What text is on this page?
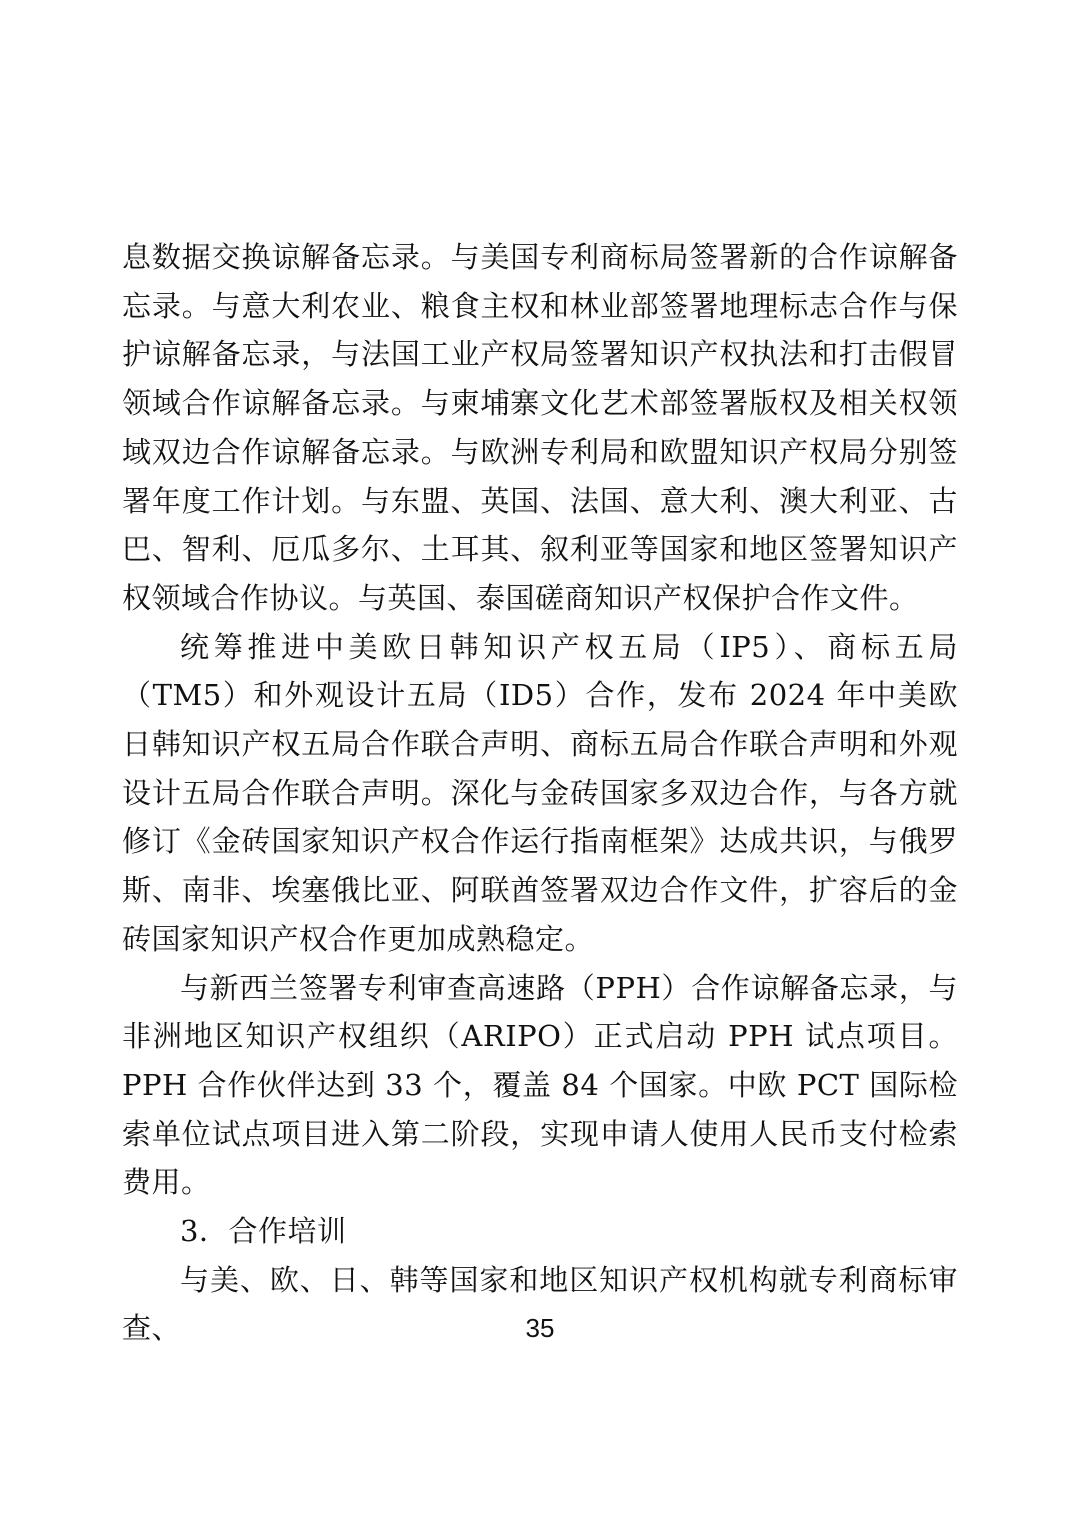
息数据交换谅解备忘录。与美国专利商标局签署新的合作谅解备忘录。与意大利农业、粮食主权和林业部签署地理标志合作与保护谅解备忘录，与法国工业产权局签署知识产权执法和打击假冒领域合作谅解备忘录。与柬埔寨文化艺术部签署版权及相关权领域双边合作谅解备忘录。与欧洲专利局和欧盟知识产权局分别签署年度工作计划。与东盟、英国、法国、意大利、澳大利亚、古巴、智利、厄瓜多尔、土耳其、叙利亚等国家和地区签署知识产权领域合作协议。与英国、泰国磋商知识产权保护合作文件。

统筹推进中美欧日韩知识产权五局（IP5）、商标五局（TM5）和外观设计五局（ID5）合作，发布 2024 年中美欧日韩知识产权五局合作联合声明、商标五局合作联合声明和外观设计五局合作联合声明。深化与金砖国家多双边合作，与各方就修订《金砖国家知识产权合作运行指南框架》达成共识，与俄罗斯、南非、埃塞俄比亚、阿联酋签署双边合作文件，扩容后的金砖国家知识产权合作更加成熟稳定。

与新西兰签署专利审查高速路（PPH）合作谅解备忘录，与非洲地区知识产权组织（ARIPO）正式启动 PPH 试点项目。PPH 合作伙伴达到 33 个，覆盖 84 个国家。中欧 PCT 国际检索单位试点项目进入第二阶段，实现申请人使用人民币支付检索费用。

3．合作培训

与美、欧、日、韩等国家和地区知识产权机构就专利商标审查、	35
